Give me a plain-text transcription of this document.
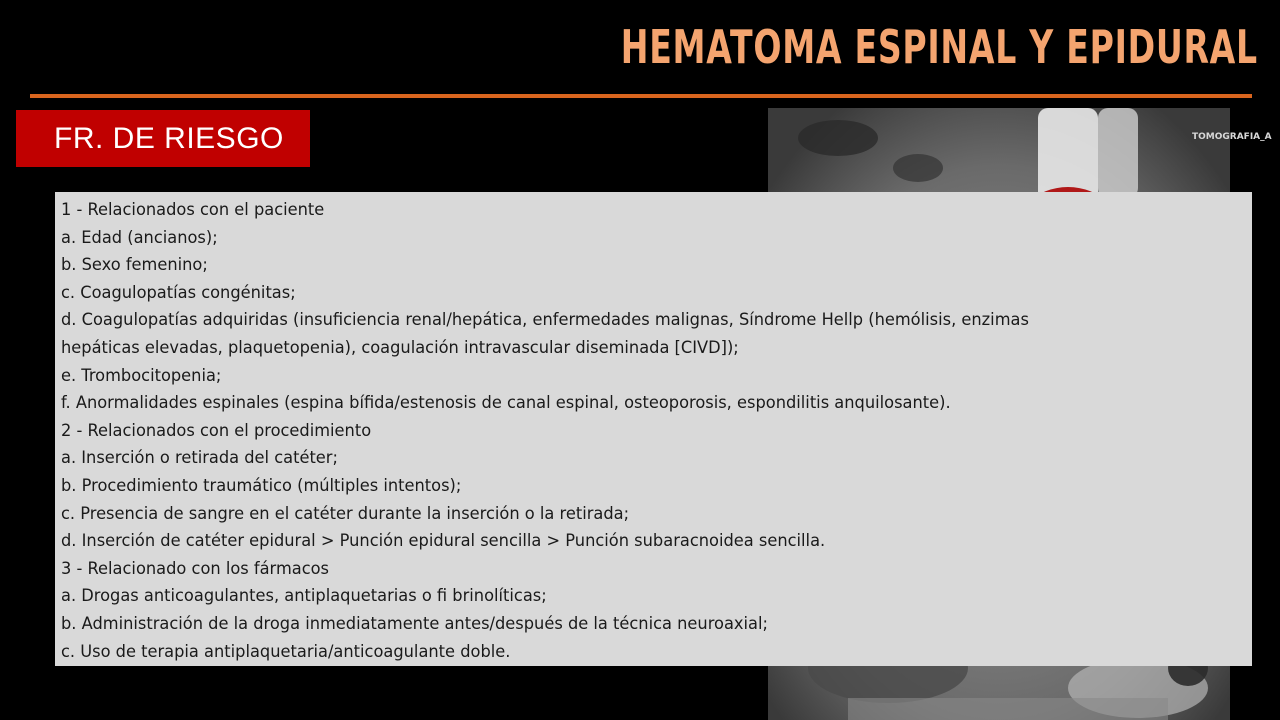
HEMATOMA ESPINAL Y EPIDURAL
TOMOGRAFIA_A
FR. DE RIESGO
1 - Relacionados con el paciente
a. Edad (ancianos);
b. Sexo femenino;
c. Coagulopatías congénitas;
d. Coagulopatías adquiridas (insuficiencia renal/hepática, enfermedades malignas, Síndrome Hellp (hemólisis, enzimas
hepáticas elevadas, plaquetopenia), coagulación intravascular diseminada [CIVD]);
e. Trombocitopenia;
f. Anormalidades espinales (espina bífida/estenosis de canal espinal, osteoporosis, espondilitis anquilosante).
2 - Relacionados con el procedimiento
a. Inserción o retirada del catéter;
b. Procedimiento traumático (múltiples intentos);
c. Presencia de sangre en el catéter durante la inserción o la retirada;
d. Inserción de catéter epidural > Punción epidural sencilla > Punción subaracnoidea sencilla.
3 - Relacionado con los fármacos
a. Drogas anticoagulantes, antiplaquetarias o fi brinolíticas;
b. Administración de la droga inmediatamente antes/después de la técnica neuroaxial;
c. Uso de terapia antiplaquetaria/anticoagulante doble.
